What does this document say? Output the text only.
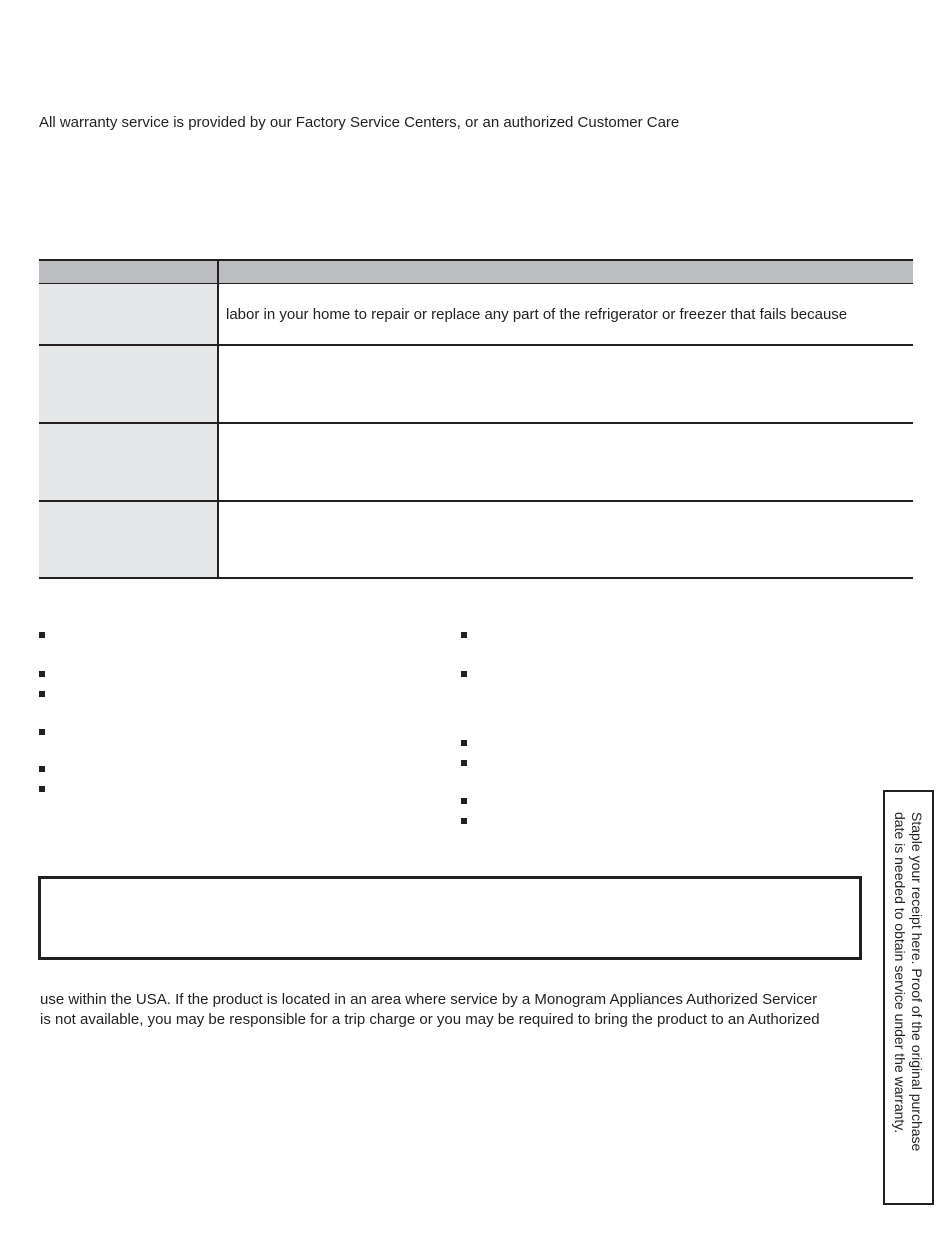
All warranty service is provided by our Factory Service Centers, or an authorized Customer Care
labor in your home to repair or replace any part of the refrigerator or freezer that fails because
use within the USA. If the product is located in an area where service by a Monogram Appliances Authorized Servicer
is not available, you may be responsible for a trip charge or you may be required to bring the product to an Authorized	Staple your receipt here. Proof of the original purchase
date is needed to obtain service under the warranty.
